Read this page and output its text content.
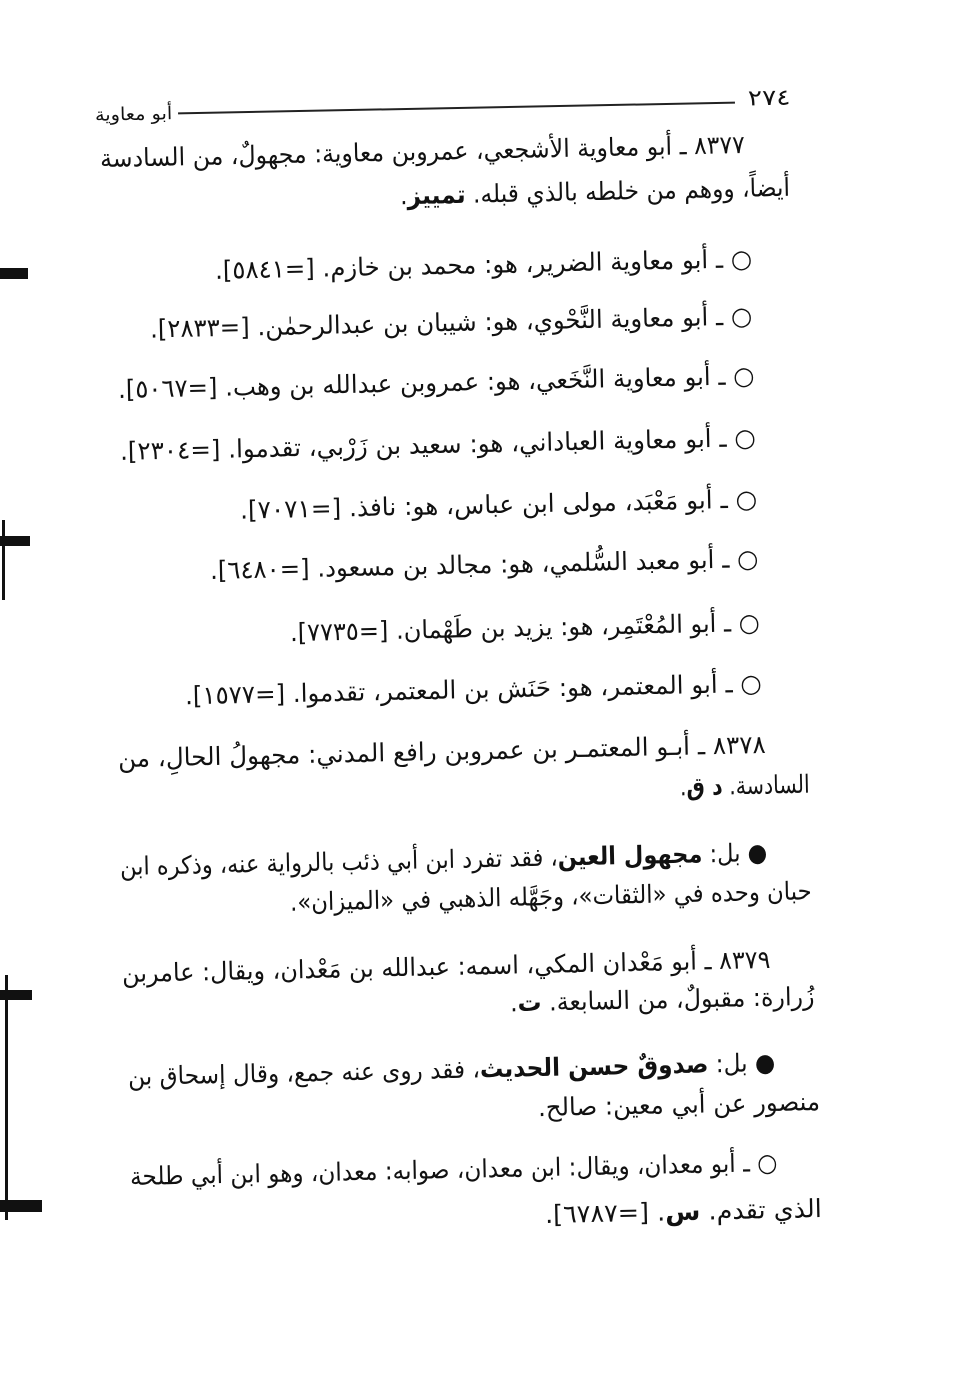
٢٧٤
أبو معاوية
٨٣٧٧ ـ أبو معاوية الأشجعي، عمروبن معاوية: مجهولٌ، من السادسة
أيضاً، ووهم من خلطه بالذي قبله. تمييز.
○ ـ أبو معاوية الضرير، هو: محمد بن خازم. [=٥٨٤١].
○ ـ أبو معاوية النَّحْوي، هو: شيبان بن عبدالرحمٰن. [=٢٨٣٣].
○ ـ أبو معاوية النَّخَعي، هو: عمروبن عبدالله بن وهب. [=٥٠٦٧].
○ ـ أبو معاوية العباداني، هو: سعيد بن زَرْبي، تقدموا. [=٢٣٠٤].
○ ـ أبو مَعْبَد، مولى ابن عباس، هو: نافذ. [=٧٠٧١].
○ ـ أبو معبد السُّلمي، هو: مجالد بن مسعود. [=٦٤٨٠].
○ ـ أبو المُعْتَمِر، هو: يزيد بن طَهْمان. [=٧٧٣٥].
○ ـ أبو المعتمر، هو: حَنَش بن المعتمر، تقدموا. [=١٥٧٧].
٨٣٧٨ ـ أبـو المعتمـر بن عمروبن رافع المدني: مجهولُ الحالِ، من
السادسة. د ق.
● بل: مجهول العين، فقد تفرد ابن أبي ذئب بالرواية عنه، وذكره ابن
حبان وحده في «الثقات»، وجَهَّله الذهبي في «الميزان».
٨٣٧٩ ـ أبو مَعْدان المكي، اسمه: عبدالله بن مَعْدان، ويقال: عامربن
زُرارة: مقبولٌ، من السابعة. ت.
● بل: صدوقٌ حسن الحديث، فقد روى عنه جمع، وقال إسحاق بن
منصور عن أبي معين: صالح.
○ ـ أبو معدان، ويقال: ابن معدان، صوابه: معدان، وهو ابن أبي طلحة
الذي تقدم. س. [=٦٧٨٧].
